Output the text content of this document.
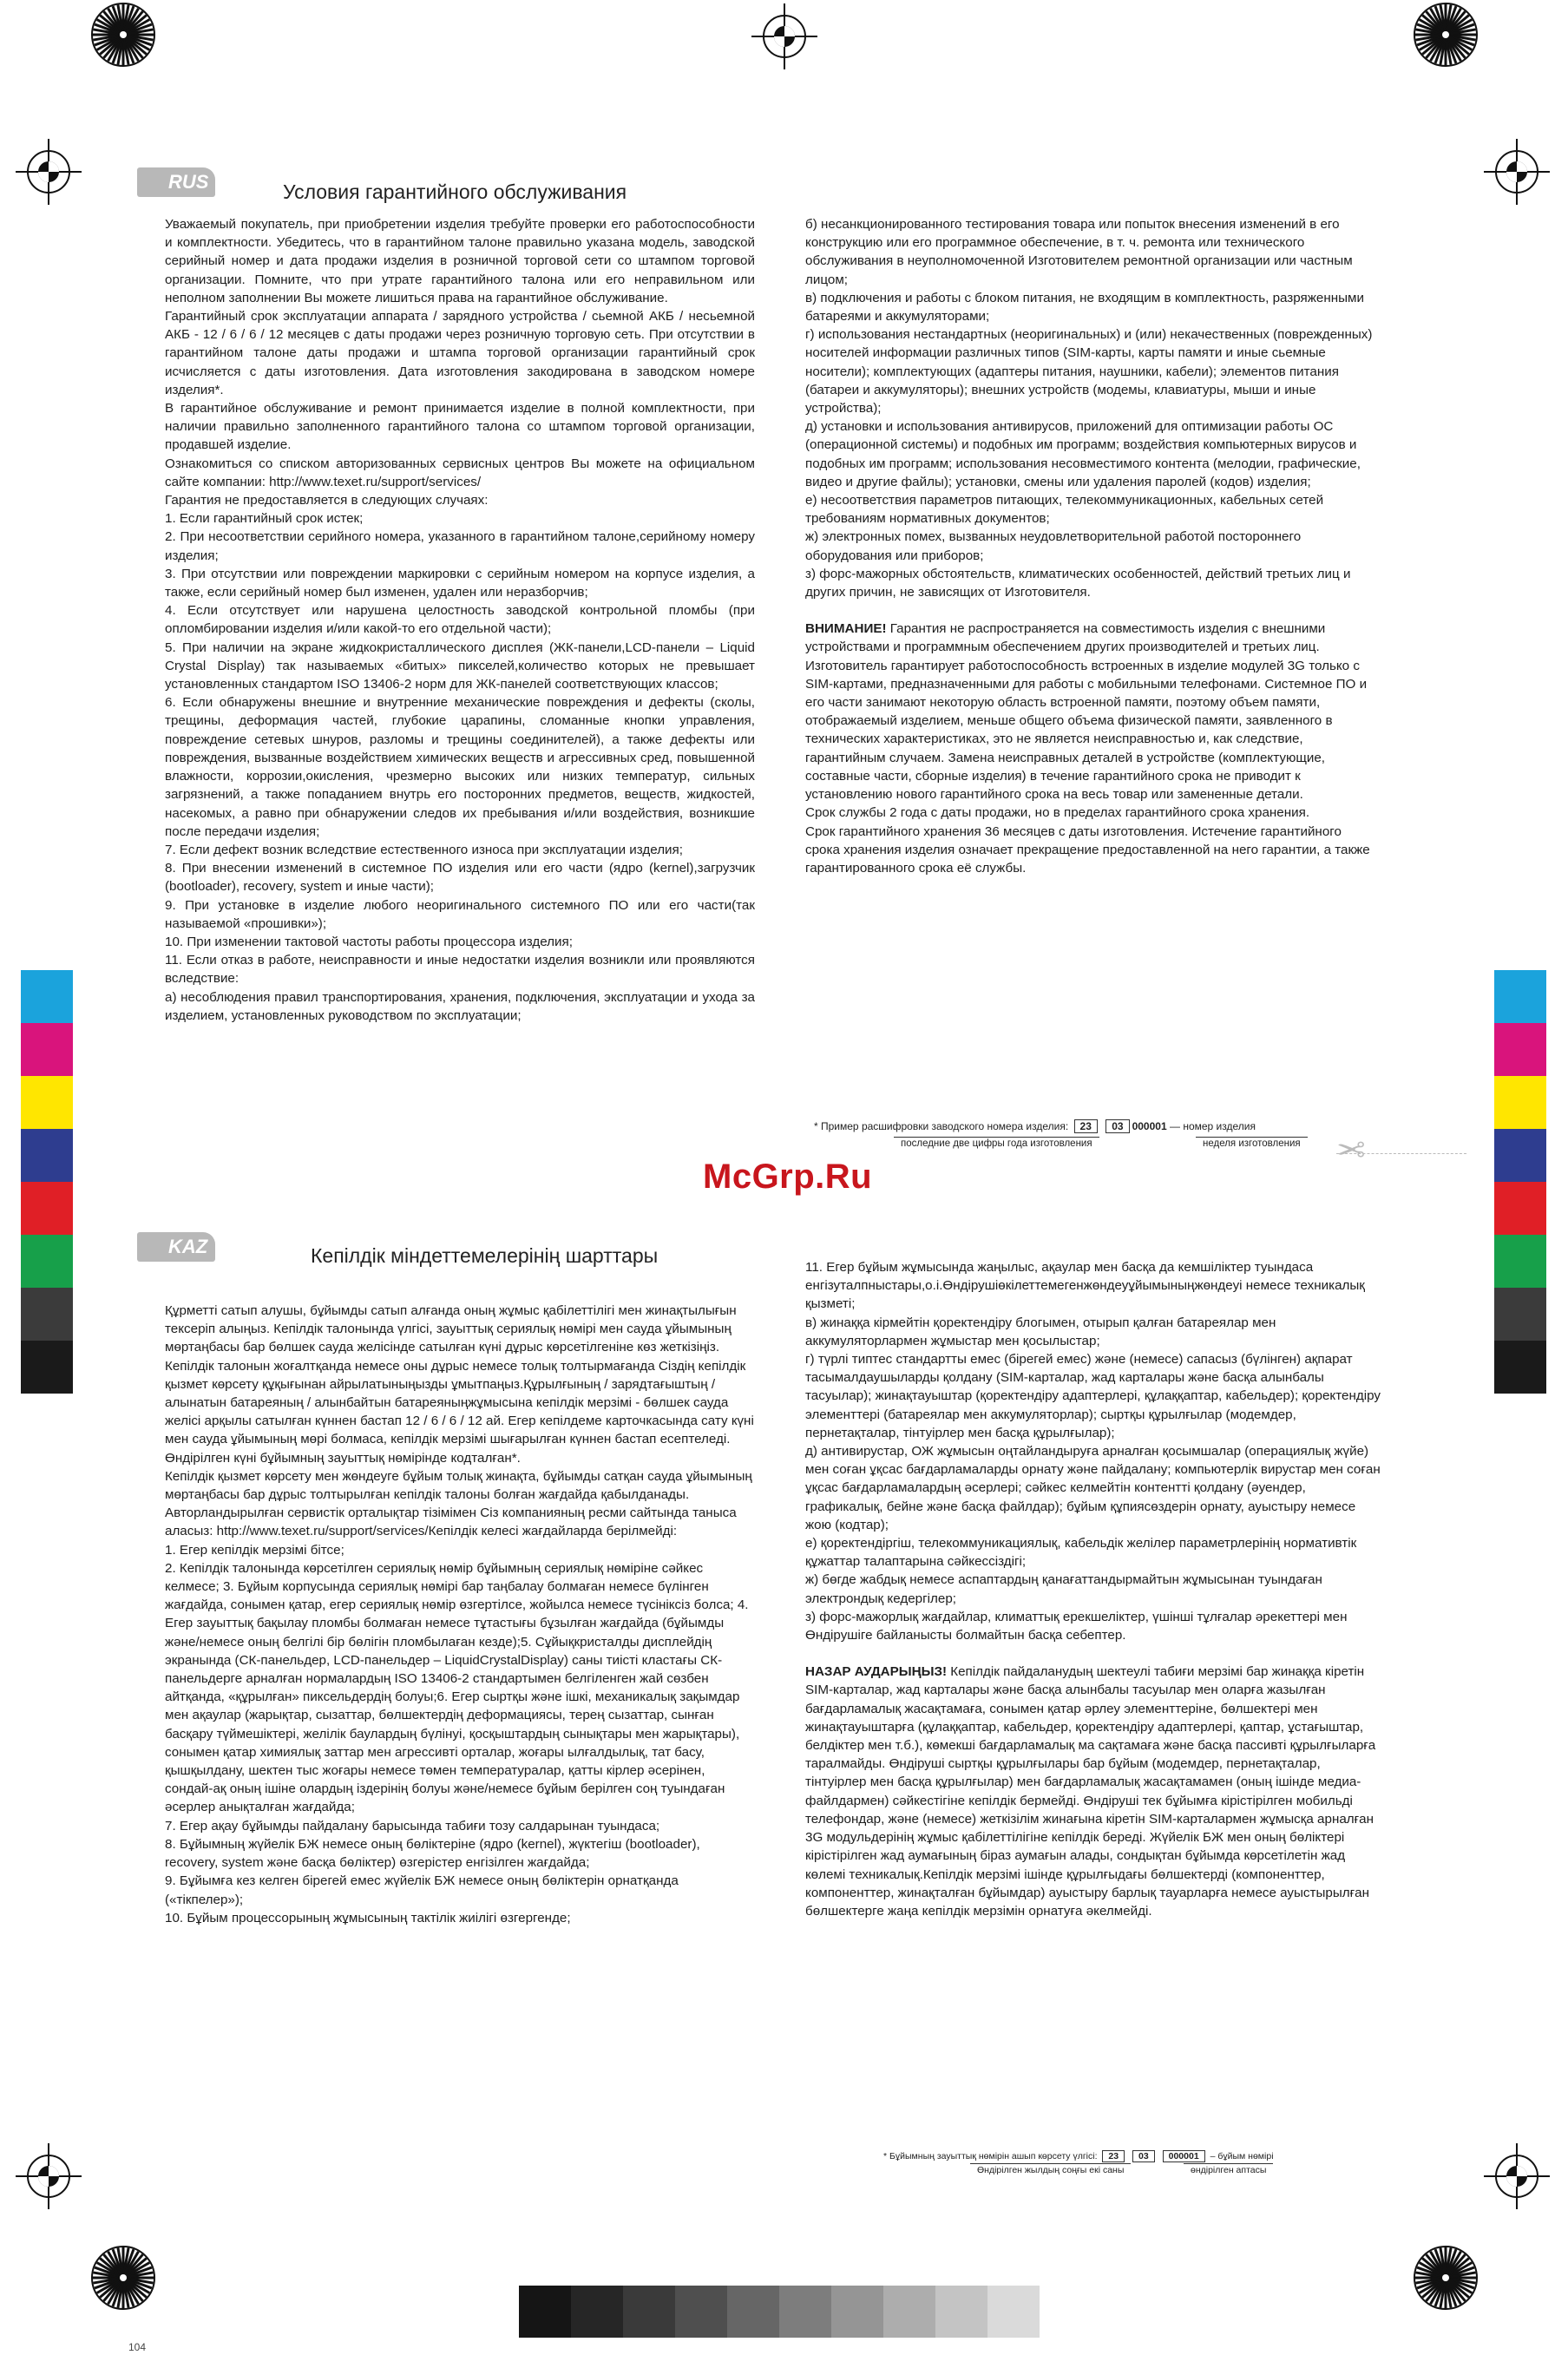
RUS	Условия гарантийного обслуживания

Уважаемый покупатель, при приобретении изделия требуйте проверки его работоспособности и комплектности. Убедитесь, что в гарантийном талоне правильно указана модель, заводской серийный номер и дата продажи изделия в розничной торговой сети со штампом торговой организации. Помните, что при утрате гарантийного талона или его неправильном или неполном заполнении Вы можете лишиться права на гарантийное обслуживание.

Гарантийный срок эксплуатации аппарата / зарядного устройства / сьемной АКБ / несьемной АКБ - 12 / 6 / 6 / 12 месяцев с даты продажи через розничную торговую сеть. При отсутствии в гарантийном талоне даты продажи и штампа торговой организации гарантийный срок исчисляется с даты изготовления. Дата изготовления закодирована в заводском номере изделия*.

В гарантийное обслуживание и ремонт принимается изделие в полной комплектности, при наличии правильно заполненного гарантийного талона со штампом торговой организации, продавшей изделие.

Ознакомиться со списком авторизованных сервисных центров Вы можете на официальном сайте компании: http://www.texet.ru/support/services/

Гарантия не предоставляется в следующих случаях:

1. Если гарантийный срок истек;

2. При несоответствии серийного номера, указанного в гарантийном талоне,серийному номеру изделия;

3. При отсутствии или повреждении маркировки с серийным номером на корпусе изделия, а также, если серийный номер был изменен, удален или неразборчив;

4. Если отсутствует или нарушена целостность заводской контрольной пломбы (при опломбировании изделия и/или какой-то его отдельной части);

5. При наличии на экране жидкокристаллического дисплея (ЖК-панели,LCD-панели – Liquid Crystal Display) так называемых «битых» пикселей,количество которых не превышает установленных стандартом ISO 13406-2 норм для ЖК-панелей соответствующих классов;

6. Если обнаружены внешние и внутренние механические повреждения и дефекты (сколы, трещины, деформация частей, глубокие царапины, сломанные кнопки управления, повреждение сетевых шнуров, разломы и трещины соединителей), а также дефекты или повреждения, вызванные воздействием химических веществ и агрессивных сред, повышенной влажности, коррозии,окисления, чрезмерно высоких или низких температур, сильных загрязнений, а также попаданием внутрь его посторонних предметов, веществ, жидкостей, насекомых, а равно при обнаружении следов их пребывания и/или воздействия, возникшие после передачи изделия;

7. Если дефект возник вследствие естественного износа при эксплуатации изделия;

8. При внесении изменений в системное ПО изделия или его части (ядро (kernel),загрузчик (bootloader), recovery, system и иные части);

9. При установке в изделие любого неоригинального системного ПО или его части(так называемой «прошивки»);

10. При изменении тактовой частоты работы процессора изделия;

11. Если отказ в работе, неисправности и иные недостатки изделия возникли или проявляются вследствие:

а) несоблюдения правил транспортирования, хранения, подключения, эксплуатации и ухода за изделием, установленных руководством по эксплуатации;

б) несанкционированного тестирования товара или попыток внесения изменений в его конструкцию или его программное обеспечение, в т. ч. ремонта или технического обслуживания в неуполномоченной Изготовителем ремонтной организации или частным лицом;

в) подключения и работы с блоком питания, не входящим в комплектность, разряженными батареями и аккумуляторами;

г) использования нестандартных (неоригинальных) и (или) некачественных (поврежденных) носителей информации различных типов (SIM-карты, карты памяти и иные сьемные носители); комплектующих (адаптеры питания, наушники, кабели); элементов питания (батареи и аккумуляторы); внешних устройств (модемы, клавиатуры, мыши и иные устройства);

д) установки и использования антивирусов, приложений для оптимизации работы ОС (операционной системы) и подобных им программ; воздействия компьютерных вирусов и подобных им программ; использования несовместимого контента (мелодии, графические, видео и другие файлы); установки, смены или удаления паролей (кодов) изделия;

е) несоответствия параметров питающих, телекоммуникационных, кабельных сетей требованиям нормативных документов;

ж) электронных помех, вызванных неудовлетворительной работой постороннего оборудования или приборов;

з) форс-мажорных обстоятельств, климатических особенностей, действий третьих лиц и других причин, не зависящих от Изготовителя.

ВНИМАНИЕ! Гарантия не распространяется на совместимость изделия с внешними устройствами и программным обеспечением других производителей и третьих лиц. Изготовитель гарантирует работоспособность встроенных в изделие модулей 3G только с SIM-картами, предназначенными для работы с мобильными телефонами. Системное ПО и его части занимают некоторую область встроенной памяти, поэтому объем памяти, отображаемый изделием, меньше общего объема физической памяти, заявленного в технических характеристиках, это не является неисправностью и, как следствие, гарантийным случаем. Замена неисправных деталей в устройстве (комплектующие, составные части, сборные изделия) в течение гарантийного срока не приводит к установлению нового гарантийного срока на весь товар или замененные детали.

Срок службы 2 года с даты продажи, но в пределах гарантийного срока хранения.

Срок гарантийного хранения 36 месяцев с даты изготовления. Истечение гарантийного срока хранения изделия означает прекращение предоставленной на него гарантии, а также гарантированного срока её службы.

* Пример расшифровки заводского номера изделия: 23 03 000001 — номер изделия
последние две цифры года изготовления	неделя изготовления ✂
McGrp.Ru
KAZ	Кепілдік міндеттемелерінің шарттары

Құрметті сатып алушы, бұйымды сатып алғанда оның жұмыс қабілеттілігі мен жинақтылығын тексеріп алыңыз. Кепілдік талонында үлгісі, зауыттық сериялық нөмірі мен сауда ұйымының мөртаңбасы бар бөлшек сауда желісінде сатылған күні дұрыс көрсетілгеніне көз жеткізіңіз. Кепілдік талонын жоғалтқанда немесе оны дұрыс немесе толық толтырмағанда Сіздің кепілдік қызмет көрсету құқығынан айрылатыныңызды ұмытпаңыз.Құрылғының / зарядтағыштың / алынатын батареяның / алынбайтын батареяныңжұмысына кепілдік мерзімі - бөлшек сауда желісі арқылы сатылған күннен бастап 12 / 6 / 6 / 12 ай. Егер кепілдеме карточкасында сату күні мен сауда ұйымының мөрі болмаса, кепілдік мерзімі шығарылған күннен бастап есептеледі.

Өндірілген күні бұйымның зауыттық нөмірінде кодталған*.

Кепілдік қызмет көрсету мен жөндеуге бұйым толық жинақта, бұйымды сатқан сауда ұйымының мөртаңбасы бар дұрыс толтырылған кепілдік талоны болған жағдайда қабылданады.

Авторландырылған сервистік орталықтар тізімімен Сіз компанияның ресми сайтында таныса аласыз: http://www.texet.ru/support/services/Кепілдік келесі жағдайларда берілмейді:

1. Егер кепілдік мерзімі бітсе;

2. Кепілдік талонында көрсетілген сериялық нөмір бұйымның сериялық нөміріне сәйкес келмесе; 3. Бұйым корпусында сериялық нөмірі бар таңбалау болмаған немесе бүлінген жағдайда, сонымен қатар, егер сериялық нөмір өзгертілсе, жойылса немесе түсініксіз болса; 4. Егер зауыттық бақылау пломбы болмаған немесе тұтастығы бұзылған жағдайда (бұйымды және/немесе оның белгілі бір бөлігін пломбылаған кезде);5. Сұйықкристалды дисплейдің экранында (СК-панельдер, LCD-панельдер – LiquidCrystalDisplay) саны тиісті кластағы СК-панельдерге арналған нормалардың ISO 13406-2 стандартымен белгіленген жай сөзбен айтқанда, «құрылған» пиксельдердің болуы;6. Егер сыртқы және ішкі, механикалық зақымдар мен ақаулар (жарықтар, сызаттар, бөлшектердің деформациясы, терең сызаттар, сынған басқару түймешіктері, желілік баулардың бүлінуі, қосқыштардың сынықтары мен жарықтары), сонымен қатар химиялық заттар мен агрессивті орталар, жоғары ылғалдылық, тат басу, қышқылдану, шектен тыс жоғары немесе төмен температуралар, қатты кірлер әсерінен, сондай-ақ оның ішіне олардың іздерінің болуы және/немесе бұйым берілген соң туындаған әсерлер анықталған жағдайда;

7. Егер ақау бұйымды пайдалану барысында табиғи тозу салдарынан туындаса;

8. Бұйымның жүйелік БЖ немесе оның бөліктеріне (ядро (kernel), жүктегіш (bootloader), recovery, system және басқа бөліктер) өзгерістер енгізілген жағдайда;

9. Бұйымға кез келген бірегей емес жүйелік БЖ немесе оның бөліктерін орнатқанда («тікпелер»);

10. Бұйым процессорының жұмысының тактілік жиілігі өзгергенде;

11. Егер бұйым жұмысында жаңылыс, ақаулар мен басқа да кемшіліктер туындаса

енгізуталпныстары,о.і.Өндірушіөкілеттемегенжөндеуұйымыныңжөндеуі немесе техникалық қызметі;

в) жинаққа кірмейтін қоректендіру блогымен, отырып қалған батареялар мен аккумуляторлармен жұмыстар мен қосылыстар;

г) түрлі типтес стандартты емес (бірегей емес) және (немесе) сапасыз (бүлінген) ақпарат тасымалдаушыларды қолдану (SIM-карталар, жад карталары және басқа алынбалы тасуылар); жинақтауыштар (қоректендіру адаптерлері, құлаққаптар, кабельдер); қоректендіру элементтері (батареялар мен аккумуляторлар); сыртқы құрылғылар (модемдер, пернетақталар, тінтуірлер мен басқа құрылғылар);

д) антивирустар, ОЖ жұмысын оңтайландыруға арналған қосымшалар (операциялық жүйе) мен соған ұқсас бағдарламаларды орнату және пайдалану; компьютерлік вирустар мен соған ұқсас бағдарламалардың әсерлері; сәйкес келмейтін контентті қолдану (әуендер, графикалық, бейне және басқа файлдар); бұйым құпиясөздерін орнату, ауыстыру немесе жою (кодтар);

е) қоректендіргіш, телекоммуникациялық, кабельдік желілер параметрлерінің нормативтік құжаттар талаптарына сәйкессіздігі;

ж) бөгде жабдық немесе аспаптардың қанағаттандырмайтын жұмысынан туындаған электрондық кедергілер;

з) форс-мажорлық жағдайлар, климаттық ерекшеліктер, үшінші тұлғалар әрекеттері мен Өндірушіге байланысты болмайтын басқа себептер.

НАЗАР АУДАРЫҢЫЗ! Кепілдік пайдаланудың шектеулі табиғи мерзімі бар жинаққа кіретін SIM-карталар, жад карталары және басқа алынбалы тасуылар мен оларға жазылған бағдарламалық жасақтамаға, сонымен қатар әрлеу элементтеріне, бөлшектері мен жинақтауыштарға (құлаққаптар, кабельдер, қоректендіру адаптерлері, қаптар, ұстағыштар, белдіктер мен т.б.), көмекші бағдарламалық ма сақтамаға және басқа пассивті құрылғыларға таралмайды. Өндіруші сыртқы құрылғылары бар бұйым (модемдер, пернетақталар, тінтуірлер мен басқа құрылғылар) мен бағдарламалық жасақтамамен (оның ішінде медиа-файлдармен) сәйкестігіне кепілдік бермейді. Өндіруші тек бұйымға кірістірілген мобильді телефондар, және (немесе) жеткізілім жинағына кіретін SIM-карталармен жұмысқа арналған 3G модульдерінің жұмыс қабілеттілігіне кепілдік береді. Жүйелік БЖ мен оның бөліктері кірістірілген жад аумағының біраз аумағын алады, сондықтан бұйымда көрсетілетін жад көлемі техникалық.Кепілдік мерзімі ішінде құрылғыдағы бөлшектерді (компоненттер, компоненттер, жинақталған бұйымдар) ауыстыру барлық тауарларға немесе ауыстырылған бөлшектерге жаңа кепілдік мерзімін орнатуға әкелмейді.

* Бұйымның зауыттық нөмірін ашып көрсету үлгісі: 23 03 000001 – бұйым нөмірі
Өндірілген жылдың соңғы екі саны	өндірілген аптасы
104
